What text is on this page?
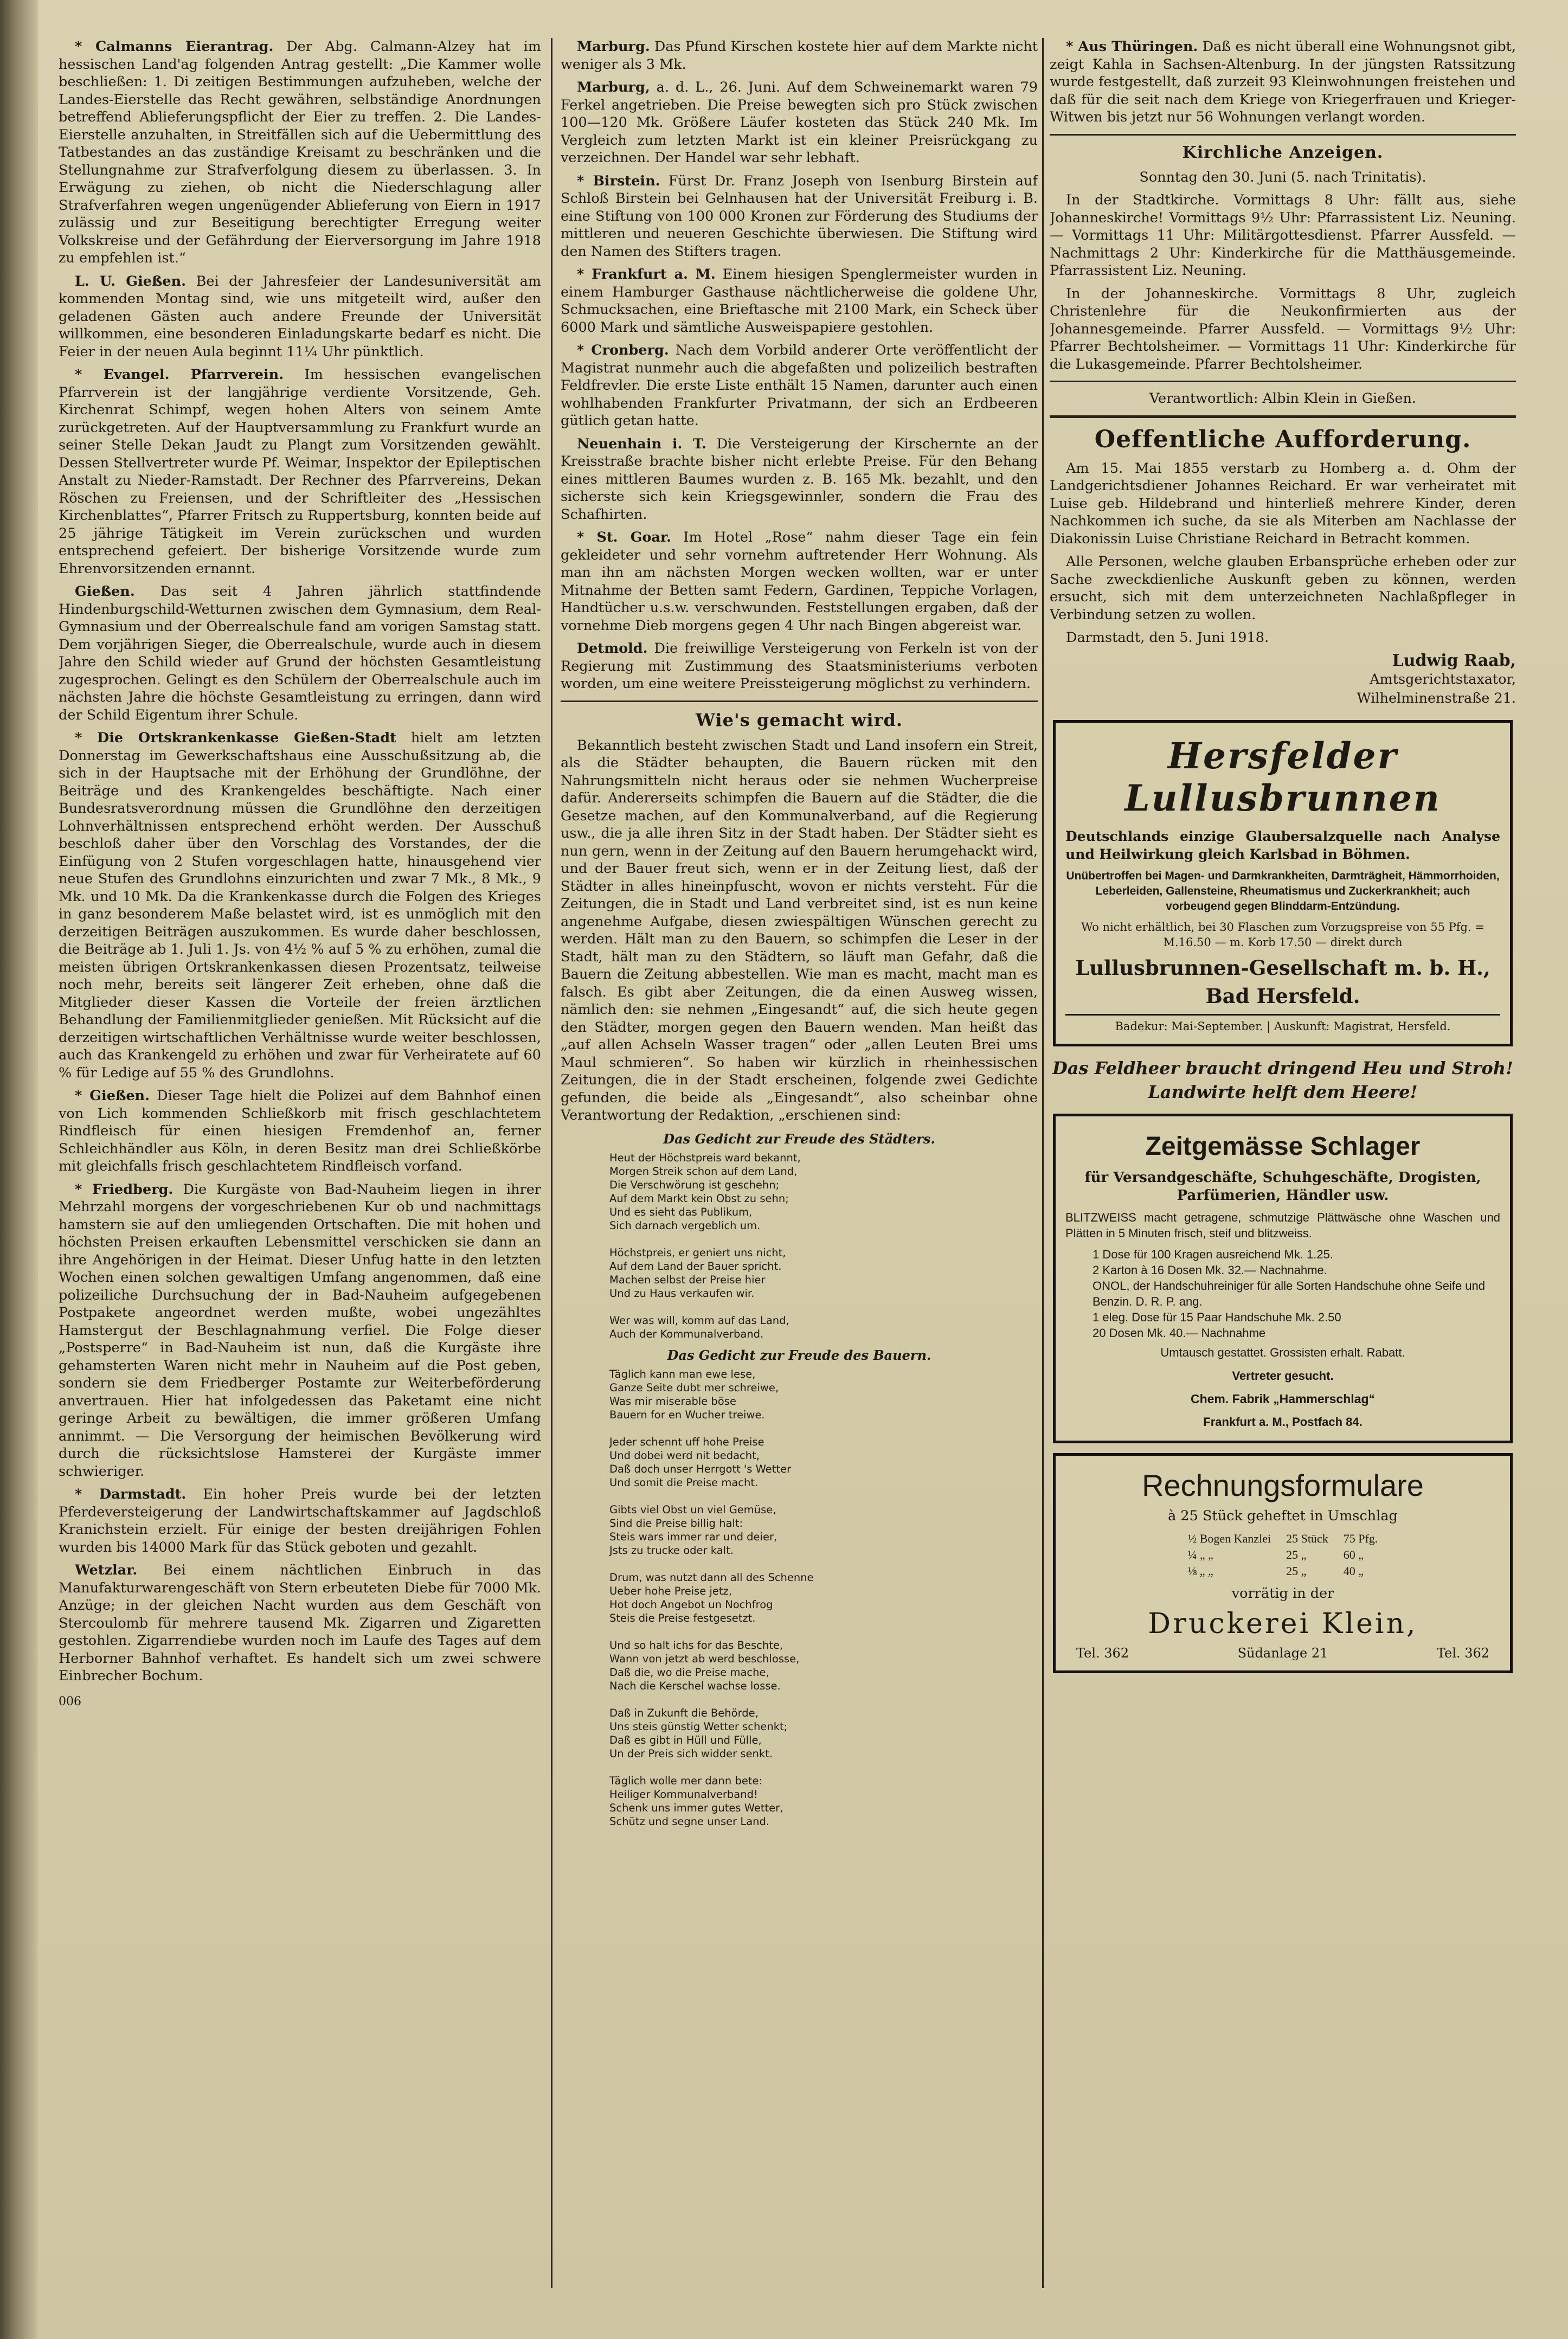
* Calmanns Eierantrag. Der Abg. Calmann-Alzey hat im hessischen Land'ag folgenden Antrag gestellt: „Die Kammer wolle beschließen: 1. Di zeitigen Bestimmungen aufzuheben, welche der Landes-Eierstelle das Recht gewähren, selbständige Anordnungen betreffend Ablieferungspflicht der Eier zu treffen. 2. Die Landes-Eierstelle anzuhalten, in Streitfällen sich auf die Uebermittlung des Tatbestandes an das zuständige Kreisamt zu beschränken und die Stellungnahme zur Strafverfolgung diesem zu überlassen. 3. In Erwägung zu ziehen, ob nicht die Niederschlagung aller Strafverfahren wegen ungenügender Ablieferung von Eiern in 1917 zulässig und zur Beseitigung berechtigter Erregung weiter Volkskreise und der Gefährdung der Eierversorgung im Jahre 1918 zu empfehlen ist.“

L. U. Gießen. Bei der Jahresfeier der Landesuniversität am kommenden Montag sind, wie uns mitgeteilt wird, außer den geladenen Gästen auch andere Freunde der Universität willkommen, eine besonderen Einladungskarte bedarf es nicht. Die Feier in der neuen Aula beginnt 11¼ Uhr pünktlich.

* Evangel. Pfarrverein. Im hessischen evangelischen Pfarrverein ist der langjährige verdiente Vorsitzende, Geh. Kirchenrat Schimpf, wegen hohen Alters von seinem Amte zurückgetreten. Auf der Hauptversammlung zu Frankfurt wurde an seiner Stelle Dekan Jaudt zu Plangt zum Vorsitzenden gewählt. Dessen Stellvertreter wurde Pf. Weimar, Inspektor der Epileptischen Anstalt zu Nieder-Ramstadt. Der Rechner des Pfarrvereins, Dekan Röschen zu Freiensen, und der Schriftleiter des „Hessischen Kirchenblattes“, Pfarrer Fritsch zu Ruppertsburg, konnten beide auf 25 jährige Tätigkeit im Verein zurückschen und wurden entsprechend gefeiert. Der bisherige Vorsitzende wurde zum Ehrenvorsitzenden ernannt.

Gießen. Das seit 4 Jahren jährlich stattfindende Hindenburgschild-Wetturnen zwischen dem Gymnasium, dem Real-Gymnasium und der Oberrealschule fand am vorigen Samstag statt. Dem vorjährigen Sieger, die Oberrealschule, wurde auch in diesem Jahre den Schild wieder auf Grund der höchsten Gesamtleistung zugesprochen. Gelingt es den Schülern der Oberrealschule auch im nächsten Jahre die höchste Gesamtleistung zu erringen, dann wird der Schild Eigentum ihrer Schule.

* Die Ortskrankenkasse Gießen-Stadt hielt am letzten Donnerstag im Gewerkschaftshaus eine Ausschußsitzung ab, die sich in der Hauptsache mit der Erhöhung der Grundlöhne, der Beiträge und des Krankengeldes beschäftigte. Nach einer Bundesratsverordnung müssen die Grundlöhne den derzeitigen Lohnverhältnissen entsprechend erhöht werden. Der Ausschuß beschloß daher über den Vorschlag des Vorstandes, der die Einfügung von 2 Stufen vorgeschlagen hatte, hinausgehend vier neue Stufen des Grundlohns einzurichten und zwar 7 Mk., 8 Mk., 9 Mk. und 10 Mk. Da die Krankenkasse durch die Folgen des Krieges in ganz besonderem Maße belastet wird, ist es unmöglich mit den derzeitigen Beiträgen auszukommen. Es wurde daher beschlossen, die Beiträge ab 1. Juli 1. Js. von 4½ % auf 5 % zu erhöhen, zumal die meisten übrigen Ortskrankenkassen diesen Prozentsatz, teilweise noch mehr, bereits seit längerer Zeit erheben, ohne daß die Mitglieder dieser Kassen die Vorteile der freien ärztlichen Behandlung der Familienmitglieder genießen. Mit Rücksicht auf die derzeitigen wirtschaftlichen Verhältnisse wurde weiter beschlossen, auch das Krankengeld zu erhöhen und zwar für Verheiratete auf 60 % für Ledige auf 55 % des Grundlohns.

* Gießen. Dieser Tage hielt die Polizei auf dem Bahnhof einen von Lich kommenden Schließkorb mit frisch geschlachtetem Rindfleisch für einen hiesigen Fremdenhof an, ferner Schleichhändler aus Köln, in deren Besitz man drei Schließkörbe mit gleichfalls frisch geschlachtetem Rindfleisch vorfand.

* Friedberg. Die Kurgäste von Bad-Nauheim liegen in ihrer Mehrzahl morgens der vorgeschriebenen Kur ob und nachmittags hamstern sie auf den umliegenden Ortschaften. Die mit hohen und höchsten Preisen erkauften Lebensmittel verschicken sie dann an ihre Angehörigen in der Heimat. Dieser Unfug hatte in den letzten Wochen einen solchen gewaltigen Umfang angenommen, daß eine polizeiliche Durchsuchung der in Bad-Nauheim aufgegebenen Postpakete angeordnet werden mußte, wobei ungezähltes Hamstergut der Beschlagnahmung verfiel. Die Folge dieser „Postsperre“ in Bad-Nauheim ist nun, daß die Kurgäste ihre gehamsterten Waren nicht mehr in Nauheim auf die Post geben, sondern sie dem Friedberger Postamte zur Weiterbeförderung anvertrauen. Hier hat infolgedessen das Paketamt eine nicht geringe Arbeit zu bewältigen, die immer größeren Umfang annimmt. — Die Versorgung der heimischen Bevölkerung wird durch die rücksichtslose Hamsterei der Kurgäste immer schwieriger.

* Darmstadt. Ein hoher Preis wurde bei der letzten Pferdeversteigerung der Landwirtschaftskammer auf Jagdschloß Kranichstein erzielt. Für einige der besten dreijährigen Fohlen wurden bis 14000 Mark für das Stück geboten und gezahlt.

Wetzlar. Bei einem nächtlichen Einbruch in das Manufakturwarengeschäft von Stern erbeuteten Diebe für 7000 Mk. Anzüge; in der gleichen Nacht wurden aus dem Geschäft von Stercoulomb für mehrere tausend Mk. Zigarren und Zigaretten gestohlen. Zigarrendiebe wurden noch im Laufe des Tages auf dem Herborner Bahnhof verhaftet. Es handelt sich um zwei schwere Einbrecher Bochum.

006

Marburg. Das Pfund Kirschen kostete hier auf dem Markte nicht weniger als 3 Mk.

Marburg, a. d. L., 26. Juni. Auf dem Schweinemarkt waren 79 Ferkel angetrieben. Die Preise bewegten sich pro Stück zwischen 100—120 Mk. Größere Läufer kosteten das Stück 240 Mk. Im Vergleich zum letzten Markt ist ein kleiner Preisrückgang zu verzeichnen. Der Handel war sehr lebhaft.

* Birstein. Fürst Dr. Franz Joseph von Isenburg Birstein auf Schloß Birstein bei Gelnhausen hat der Universität Freiburg i. B. eine Stiftung von 100 000 Kronen zur Förderung des Studiums der mittleren und neueren Geschichte überwiesen. Die Stiftung wird den Namen des Stifters tragen.

* Frankfurt a. M. Einem hiesigen Spenglermeister wurden in einem Hamburger Gasthause nächtlicherweise die goldene Uhr, Schmucksachen, eine Brieftasche mit 2100 Mark, ein Scheck über 6000 Mark und sämtliche Ausweispapiere gestohlen.

* Cronberg. Nach dem Vorbild anderer Orte veröffentlicht der Magistrat nunmehr auch die abgefaßten und polizeilich bestraften Feldfrevler. Die erste Liste enthält 15 Namen, darunter auch einen wohlhabenden Frankfurter Privatmann, der sich an Erdbeeren gütlich getan hatte.

Neuenhain i. T. Die Versteigerung der Kirschernte an der Kreisstraße brachte bisher nicht erlebte Preise. Für den Behang eines mittleren Baumes wurden z. B. 165 Mk. bezahlt, und den sicherste sich kein Kriegsgewinnler, sondern die Frau des Schafhirten.

* St. Goar. Im Hotel „Rose“ nahm dieser Tage ein fein gekleideter und sehr vornehm auftretender Herr Wohnung. Als man ihn am nächsten Morgen wecken wollten, war er unter Mitnahme der Betten samt Federn, Gardinen, Teppiche Vorlagen, Handtücher u.s.w. verschwunden. Feststellungen ergaben, daß der vornehme Dieb morgens gegen 4 Uhr nach Bingen abgereist war.

Detmold. Die freiwillige Versteigerung von Ferkeln ist von der Regierung mit Zustimmung des Staatsministeriums verboten worden, um eine weitere Preissteigerung möglichst zu verhindern.

Wie's gemacht wird.

Bekanntlich besteht zwischen Stadt und Land insofern ein Streit, als die Städter behaupten, die Bauern rücken mit den Nahrungsmitteln nicht heraus oder sie nehmen Wucherpreise dafür. Andererseits schimpfen die Bauern auf die Städter, die die Gesetze machen, auf den Kommunalverband, auf die Regierung usw., die ja alle ihren Sitz in der Stadt haben. Der Städter sieht es nun gern, wenn in der Zeitung auf den Bauern herumgehackt wird, und der Bauer freut sich, wenn er in der Zeitung liest, daß der Städter in alles hineinpfuscht, wovon er nichts versteht. Für die Zeitungen, die in Stadt und Land verbreitet sind, ist es nun keine angenehme Aufgabe, diesen zwiespältigen Wünschen gerecht zu werden. Hält man zu den Bauern, so schimpfen die Leser in der Stadt, hält man zu den Städtern, so läuft man Gefahr, daß die Bauern die Zeitung abbestellen. Wie man es macht, macht man es falsch. Es gibt aber Zeitungen, die da einen Ausweg wissen, nämlich den: sie nehmen „Eingesandt“ auf, die sich heute gegen den Städter, morgen gegen den Bauern wenden. Man heißt das „auf allen Achseln Wasser tragen“ oder „allen Leuten Brei ums Maul schmieren“. So haben wir kürzlich in rheinhessischen Zeitungen, die in der Stadt erscheinen, folgende zwei Gedichte gefunden, die beide als „Eingesandt“, also scheinbar ohne Verantwortung der Redaktion, „erschienen sind:

Das Gedicht zur Freude des Städters.
Heut der Höchstpreis ward bekannt,
Morgen Streik schon auf dem Land,
Die Verschwörung ist geschehn;
Auf dem Markt kein Obst zu sehn;
Und es sieht das Publikum,
Sich darnach vergeblich um.

Höchstpreis, er geniert uns nicht,
Auf dem Land der Bauer spricht.
Machen selbst der Preise hier
Und zu Haus verkaufen wir.

Wer was will, komm auf das Land,
Auch der Kommunalverband.
Das Gedicht zur Freude des Bauern.
Täglich kann man ewe lese,
Ganze Seite dubt mer schreiwe,
Was mir miserable böse
Bauern for en Wucher treiwe.

Jeder schennt uff hohe Preise
Und dobei werd nit bedacht,
Daß doch unser Herrgott 's Wetter
Und somit die Preise macht.

Gibts viel Obst un viel Gemüse,
Sind die Preise billig halt:
Steis wars immer rar und deier,
Jsts zu trucke oder kalt.

Drum, was nutzt dann all des Schenne
Ueber hohe Preise jetz,
Hot doch Angebot un Nochfrog
Steis die Preise festgesetzt.

Und so halt ichs for das Beschte,
Wann von jetzt ab werd beschlosse,
Daß die, wo die Preise mache,
Nach die Kerschel wachse losse.

Daß in Zukunft die Behörde,
Uns steis günstig Wetter schenkt;
Daß es gibt in Hüll und Fülle,
Un der Preis sich widder senkt.

Täglich wolle mer dann bete:
Heiliger Kommunalverband!
Schenk uns immer gutes Wetter,
Schütz und segne unser Land.

* Aus Thüringen. Daß es nicht überall eine Wohnungsnot gibt, zeigt Kahla in Sachsen-Altenburg. In der jüngsten Ratssitzung wurde festgestellt, daß zurzeit 93 Kleinwohnungen freistehen und daß für die seit nach dem Kriege von Kriegerfrauen und Krieger-Witwen bis jetzt nur 56 Wohnungen verlangt worden.

Kirchliche Anzeigen.

Sonntag den 30. Juni (5. nach Trinitatis).

In der Stadtkirche. Vormittags 8 Uhr: fällt aus, siehe Johanneskirche! Vormittags 9½ Uhr: Pfarrassistent Liz. Neuning. — Vormittags 11 Uhr: Militärgottesdienst. Pfarrer Aussfeld. — Nachmittags 2 Uhr: Kinderkirche für die Matthäusgemeinde. Pfarrassistent Liz. Neuning.

In der Johanneskirche. Vormittags 8 Uhr, zugleich Christenlehre für die Neukonfirmierten aus der Johannesgemeinde. Pfarrer Aussfeld. — Vormittags 9½ Uhr: Pfarrer Bechtolsheimer. — Vormittags 11 Uhr: Kinderkirche für die Lukasgemeinde. Pfarrer Bechtolsheimer.

Verantwortlich: Albin Klein in Gießen.

Oeffentliche Aufforderung.

Am 15. Mai 1855 verstarb zu Homberg a. d. Ohm der Landgerichtsdiener Johannes Reichard. Er war verheiratet mit Luise geb. Hildebrand und hinterließ mehrere Kinder, deren Nachkommen ich suche, da sie als Miterben am Nachlasse der Diakonissin Luise Christiane Reichard in Betracht kommen.

Alle Personen, welche glauben Erbansprüche erheben oder zur Sache zweckdienliche Auskunft geben zu können, werden ersucht, sich mit dem unterzeichneten Nachlaßpfleger in Verbindung setzen zu wollen.

Darmstadt, den 5. Juni 1918.

Ludwig Raab,

Amtsgerichtstaxator,

Wilhelminenstraße 21.

Hersfelder Lullusbrunnen

Deutschlands einzige Glaubersalzquelle nach Analyse und Heilwirkung gleich Karlsbad in Böhmen.

Unübertroffen bei Magen- und Darmkrankheiten, Darmträgheit, Hämmorrhoiden, Leberleiden, Gallensteine, Rheumatismus und Zuckerkrankheit; auch vorbeugend gegen Blinddarm-Entzündung.

Wo nicht erhältlich, bei 30 Flaschen zum Vorzugspreise von 55 Pfg. = M.16.50 — m. Korb 17.50 — direkt durch

Lullusbrunnen-Gesellschaft m. b. H.,

Bad Hersfeld.

Badekur: Mai-September. | Auskunft: Magistrat, Hersfeld.

Das Feldheer braucht dringend Heu und Stroh!
Landwirte helft dem Heere!
Zeitgemässe Schlager

für Versandgeschäfte, Schuhgeschäfte, Drogisten, Parfümerien, Händler usw.

BLITZWEISS macht getragene, schmutzige Plättwäsche ohne Waschen und Plätten in 5 Minuten frisch, steif und blitzweiss.

1 Dose für 100 Kragen ausreichend Mk. 1.25.
2 Karton à 16 Dosen Mk. 32.— Nachnahme.
ONOL, der Handschuhreiniger für alle Sorten Handschuhe ohne Seife und Benzin. D. R. P. ang.
1 eleg. Dose für 15 Paar Handschuhe Mk. 2.50
20 Dosen Mk. 40.— Nachnahme

Umtausch gestattet. Grossisten erhalt. Rabatt.

Vertreter gesucht.

Chem. Fabrik „Hammerschlag“

Frankfurt a. M., Postfach 84.

Rechnungsformulare

à 25 Stück geheftet in Umschlag

½ Bogen Kanzlei	25 Stück	75 Pfg.
¼ „ „	25 „	60 „
⅛ „ „	25 „	40 „

vorrätig in der

Druckerei Klein,
Tel. 362	Südanlage 21	Tel. 362
